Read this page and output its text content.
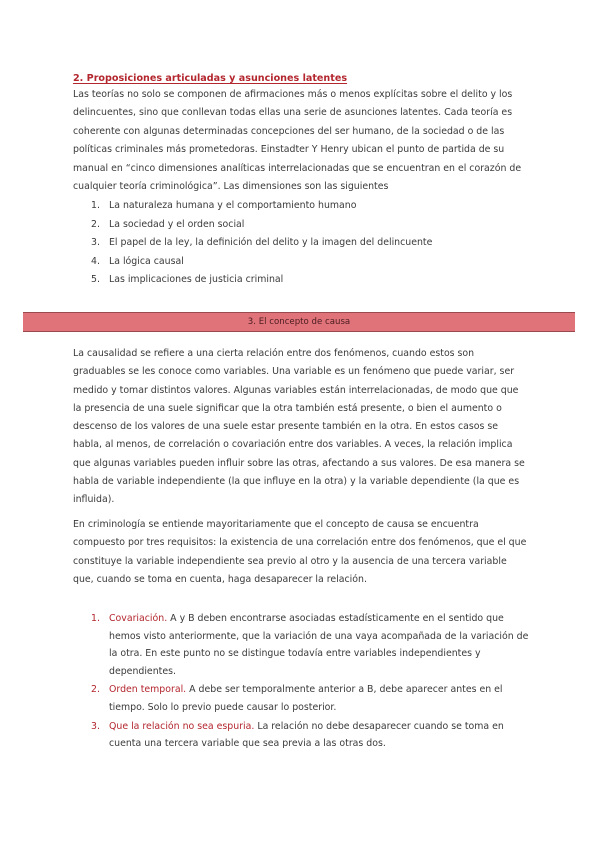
2. Proposiciones articuladas y asunciones latentes

Las teorías no solo se componen de afirmaciones más o menos explícitas sobre el delito y los delincuentes, sino que conllevan todas ellas una serie de asunciones latentes. Cada teoría es coherente con algunas determinadas concepciones del ser humano, de la sociedad o de las políticas criminales más prometedoras. Einstadter Y Henry ubican el punto de partida de su manual en “cinco dimensiones analíticas interrelacionadas que se encuentran en el corazón de cualquier teoría criminológica”. Las dimensiones son las siguientes

1. La naturaleza humana y el comportamiento humano
2. La sociedad y el orden social
3. El papel de la ley, la definición del delito y la imagen del delincuente
4. La lógica causal
5. Las implicaciones de justicia criminal
3. El concepto de causa

La causalidad se refiere a una cierta relación entre dos fenómenos, cuando estos son graduables se les conoce como variables. Una variable es un fenómeno que puede variar, ser medido y tomar distintos valores. Algunas variables están interrelacionadas, de modo que que la presencia de una suele significar que la otra también está presente, o bien el aumento o descenso de los valores de una suele estar presente también en la otra. En estos casos se habla, al menos, de correlación o covariación entre dos variables. A veces, la relación implica que algunas variables pueden influir sobre las otras, afectando a sus valores. De esa manera se habla de variable independiente (la que influye en la otra) y la variable dependiente (la que es influida).

En criminología se entiende mayoritariamente que el concepto de causa se encuentra compuesto por tres requisitos: la existencia de una correlación entre dos fenómenos, que el que constituye la variable independiente sea previo al otro y la ausencia de una tercera variable que, cuando se toma en cuenta, haga desaparecer la relación.

1. Covariación. A y B deben encontrarse asociadas estadísticamente en el sentido que hemos visto anteriormente, que la variación de una vaya acompañada de la variación de la otra. En este punto no se distingue todavía entre variables independientes y dependientes.
2. Orden temporal. A debe ser temporalmente anterior a B, debe aparecer antes en el tiempo. Solo lo previo puede causar lo posterior.
3. Que la relación no sea espuria. La relación no debe desaparecer cuando se toma en cuenta una tercera variable que sea previa a las otras dos.
